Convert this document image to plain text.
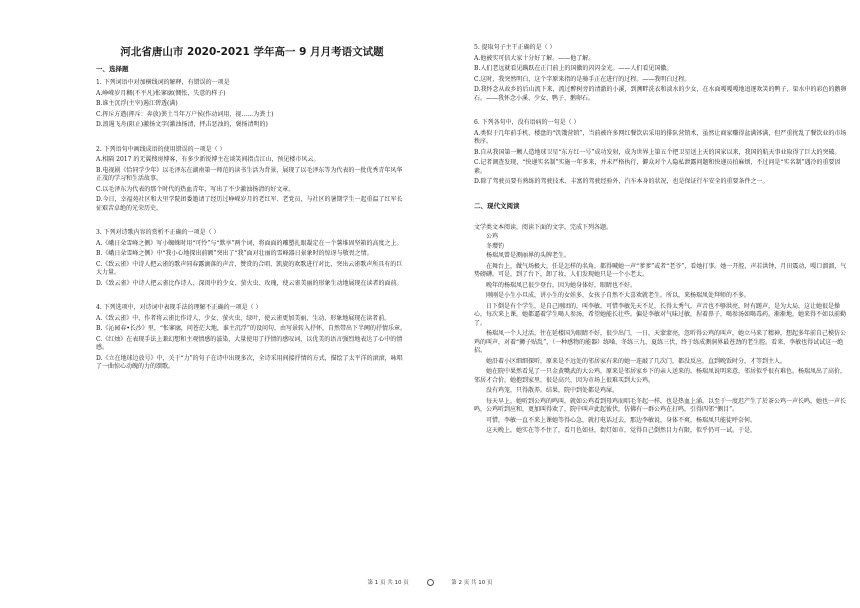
河北省唐山市 2020-2021 学年高一 9 月月考语文试题
一、选择题
1. 下列词语中对加横线词的解释，有错误的一项是
A.峥嵘岁月稠(不平凡)怅寥廓(惆怅，失意的样子)
B.谁主沉浮(主宰)遏江碧透(满)
C.挥斥方遒(挥斥：奔放)粪土当年万户侯(作动词用，视……为粪土)
D.浪遏飞舟(阻止)激扬文字(激浊扬清，抨击恶浊的，褒扬清明的)
2. 下列语句中画线成语的使用错误的一项是（ ）
A.相隔 2017 的无翼搜房博客，有多少新锐博主在谈笑间指点江山，预见楼市风云。
B.电视剧《恰同学少年》以毛泽东在湖南第一师范的读书生活为背景，展现了以毛泽东等为代表的一批优秀青年风华正茂的学习和生活故事。
C.以毛泽东为代表的那个时代的热血青年，写出了不少激浊扬清的好文章。
D.今日，幸福苑社区和大里学院团委邀请了经历过峥嵘岁月的老红军、老党员，与社区的暑期学生一起重温了红军长征艰苦卓绝的光荣历史。
3. 下列对诗歌内容的赏析不正确的一项是（ ）
A.《峨日朵雪峰之侧》写小蜘蛛时用“可怜”与“默享”两个词，将面面的雕塑扎眼凝定在一个薯堆固坚箱的高度之上。
B.《峨日朵雪峰之侧》中“我小心地探出前额”突出了“我”面对壮丽的雪峰器日景象时的惊讶与敬畏之情。
C.《致云雀》中诗人把云雀的歌声同春露滴落的声音、赞赏的合唱、凯旋的欢歌进行对比，突出云雀歌声所具有的巨大力量。
D.《致云雀》中诗人把云雀比作诗人、深闺中的少女、萤火虫、玫瑰，使云雀美丽的形象生动地展现在读者的面前。
4. 下列选项中，对诗词中表现手法的理解不正确的一项是（ ）
A.《致云雀》中，作者将云雀比作诗人、少女、萤火虫、绿叶，使云雀更加美丽、生动、形象地展现在读者前。
B.《沁园春•长沙》里，“怅寥廓，问苍茫大地，谁主沉浮”的设问句，由写景转入抒怀，自然带出下半阙的抒情乐章。
C.《红烛》在表现手法上兼幻想和主观情感的滋染，大量使用了抒情的感叹词，以优美的语言强烈地表达了心中的情感。
D.《立在地球边放号》中，关于“力”的句子在诗中出现多次，全诗采用间接抒情的方式，描绘了太平洋的滚滚，咏唱了一曲惊心动魄的力的颂歌。
5. 提取句子主干正确的是（ ）
A.他被实可信大家十分好了解。——他了解。
B.人们老远就看见蹒跃在正门前上的国徽的闪闪金光。——人们看见国徽。
C.这时，我突然明白，这个字原来指的是骑手正在进行的过程。——我明白过程。
D.我怀念从故乡的后山流下来，流过醉树旁的清澈的小溪，到溯畔洗衣和淡水的少女，在水面嘎嘎嘎地追逐欢笑的鸭子，渠水中的彩色的鹅卵石。——我怀念小溪、少女、鸭子、鹅卵石。
6. 下列各句中，没有语病的一句是（ ）
A.类似于几年前手机、楼盘的“饥饿营销”，当前被许多网红餐饮店采用的排队营销术，虽然让商家赚得盆满钵满，但严重扰乱了餐饮业的市场秩序。
B.自从我国第一颗人造地球卫星“东方红一号”成功发射，成为世界上第五个把卫星送上天的国家以来，我国的航天事业取得了巨大的突破。
C.记者调查发现，“快递实名制”实施一年多来，并未严格执行，僻众对个人隐私泄露问题和快递员拍麻烦，不过问是“实名制”遇冷的重要因素。
D.除了驾驶员要有熟练的驾驶技术、丰富的驾驶经验外，汽车本身的状况，也是保证行车安全的重要条件之一。
二、现代文阅读
文学类文本阅读，阅读下面的文字，完成下列各题。
公鸡
冬璎钓
杨瑞凤曾是测丽界的头牌老生。
在舞台上，做气场极大，任是怎样的名角，都得喊她一声“爹爹”或者“老爷”，看她打事。她一开腔，声若洪钟，月田震动，嘎口溜溜，气势磅礴。可是，到了台下，卸了妆，人们发现她只是一个小老太。
晚年的杨瑞凤已很少登台，因为她身体好，眼睛也不好。
刚刚是小生小旦成，讲小生的女娃多，女孩子自然不大喜欢就老生。所以，来杨瑞凤处拜师的不多。
日下倒是有个学生，是自己刚团的，叫李敏。可惜李敏先天不足，长得太秀气，声音也不够洪亮，时有蹉声，是为大局，这让她很是操心，每次来上课，她都逼着学生喝人参汤，希望她能长壮些。偏是李敏对气味过敏，捏着鼻子，喝参汤如喝毒药。渐渐地，她来得不如以前勤了。
杨瑞凤一个人过活，往在延楼国为眼睛不好，很少出门，一日，天蒙蒙亮，忽听得公鸡的叫声，她立马来了精神，想起多年前自己模仿公鸡的叫声，对着“狮子贴乱”，（一种感物的能器）练嗓，冬练三九，夏练三伏，终于练成测洞界最苍劲的老生腔。看来，李敏也得试试这一绝招。
她沿着小区细细探听，原来是不远处的邻居家有来的她一连敲了几次门，都没反应，直到晚饭时分，才等到主人。
她在院中果然看见了一只金黄嘴武的大公鸡，原来是邻居家乡下的亲人送来的。杨瑞凤说明来意，邻居似乎很有难色。杨瑞凤出了高价，邻居才合价，她抱到家里，很是高兴，因为市场上很难买到大公鸡。
没有鸡笼，只得散养。结果，院中到处都是鸡屎。
每天早上，她听到公鸡的鸣叫，就如公鸡看到母鸡而唱毛冬起一样，也是热血上涌，以至于一度迟产生了於茶公鸡一声长鸣，她也一声长鸣，公鸡听到应和，更加叫得欢了，院中叫声此起彼伏，仿佛有一群公鸡在打鸣，引得四邻“侧目”。
可惜，李敏一直不来上课她等得心急，就打电话过去，那边李敏说，身体不爽，杨瑞凤只能徒呼奈何。
这天晚上，她实在等不住了，看月色如昼，街灯如市，觉得自己倒然目力有限，似乎仍可一试。于是，
第 1 页 共 10 页	第 2 页 共 10 页
